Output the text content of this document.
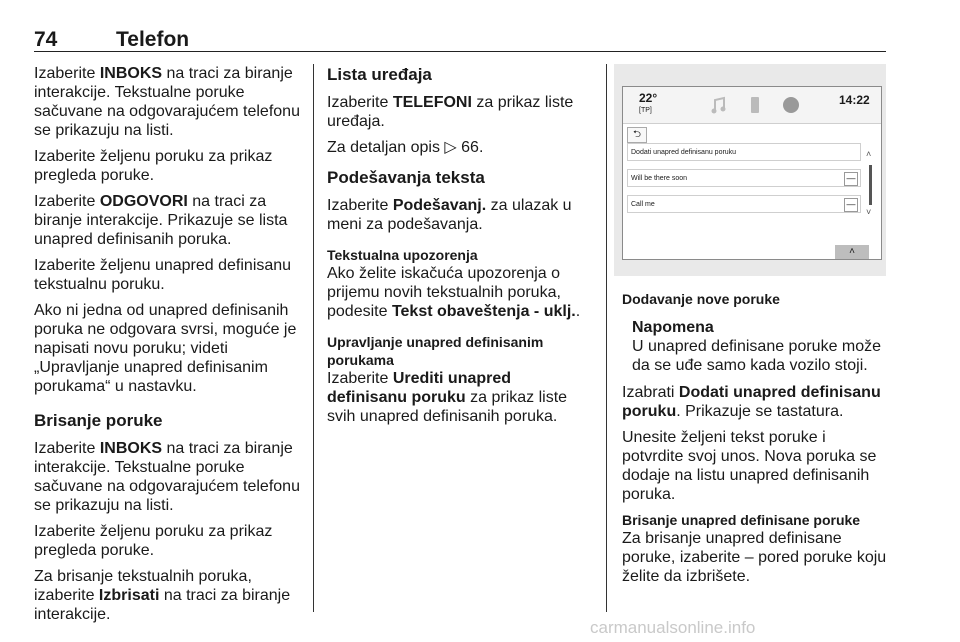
74	Telefon

Izaberite INBOKS na traci za biranje interakcije. Tekstualne poruke sačuvane na odgovarajućem telefonu se prikazuju na listi.

Izaberite željenu poruku za prikaz pregleda poruke.

Izaberite ODGOVORI na traci za biranje interakcije. Prikazuje se lista unapred definisanih poruka.

Izaberite željenu unapred definisanu tekstualnu poruku.

Ako ni jedna od unapred definisanih poruka ne odgovara svrsi, moguće je napisati novu poruku; videti „Upravljanje unapred definisanim porukama“ u nastavku.

Brisanje poruke

Izaberite INBOKS na traci za biranje interakcije. Tekstualne poruke sačuvane na odgovarajućem telefonu se prikazuju na listi.

Izaberite željenu poruku za prikaz pregleda poruke.

Za brisanje tekstualnih poruka, izaberite Izbrisati na traci za biranje interakcije.

Lista uređaja

Izaberite TELEFONI za prikaz liste uređaja.

Za detaljan opis ▷ 66.

Podešavanja teksta

Izaberite Podešavanj. za ulazak u meni za podešavanja.

Tekstualna upozorenja

Ako želite iskačuća upozorenja o prijemu novih tekstualnih poruka, podesite Tekst obaveštenja - uklj..

Upravljanje unapred definisanim porukama

Izaberite Urediti unapred definisanu poruku za prikaz liste svih unapred definisanih poruka.

22°
[TP]
14:22
⮌
Dodati unapred definisanu poruku
Will be there soon	—
Call me	—
˄
˅
˄
Dodavanje nove poruke

Napomena
U unapred definisane poruke može da se uđe samo kada vozilo stoji.

Izabrati Dodati unapred definisanu poruku. Prikazuje se tastatura.

Unesite željeni tekst poruke i potvrdite svoj unos. Nova poruka se dodaje na listu unapred definisanih poruka.

Brisanje unapred definisane poruke

Za brisanje unapred definisane poruke, izaberite – pored poruke koju želite da izbrišete.

carmanualsonline.info
